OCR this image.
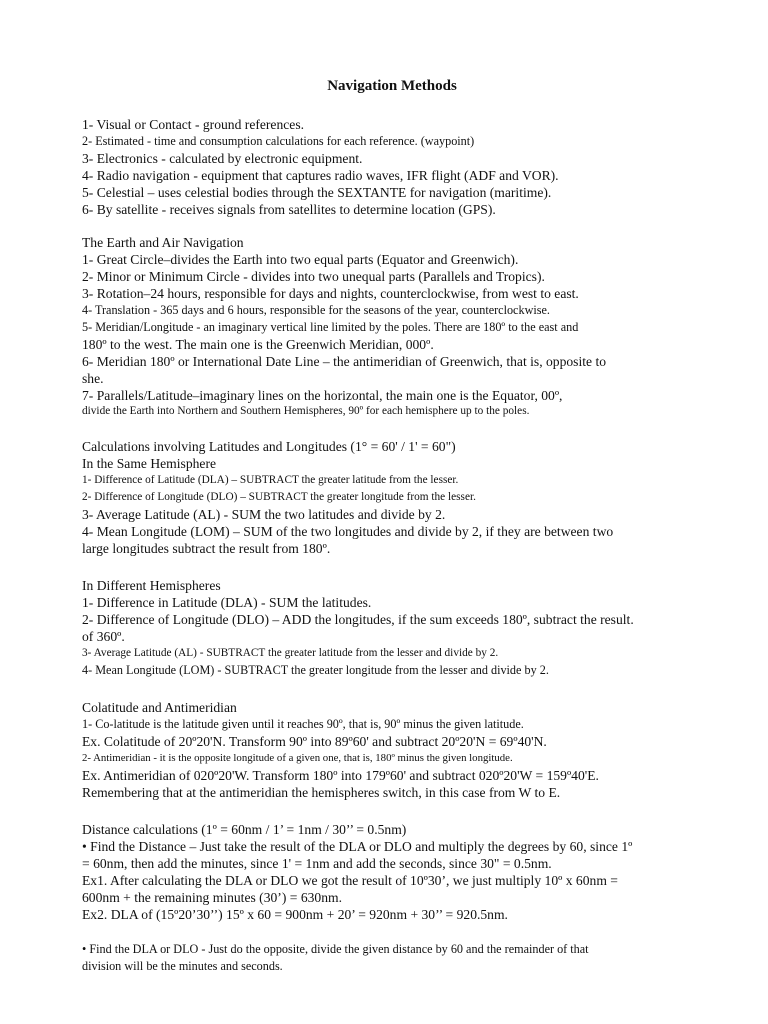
Navigation Methods
1- Visual or Contact - ground references.
2- Estimated - time and consumption calculations for each reference. (waypoint)
3- Electronics - calculated by electronic equipment.
4- Radio navigation - equipment that captures radio waves, IFR flight (ADF and VOR).
5- Celestial – uses celestial bodies through the SEXTANTE for navigation (maritime).
6- By satellite - receives signals from satellites to determine location (GPS).
The Earth and Air Navigation
1- Great Circle–divides the Earth into two equal parts (Equator and Greenwich).
2- Minor or Minimum Circle - divides into two unequal parts (Parallels and Tropics).
3- Rotation–24 hours, responsible for days and nights, counterclockwise, from west to east.
4- Translation - 365 days and 6 hours, responsible for the seasons of the year, counterclockwise.
5- Meridian/Longitude - an imaginary vertical line limited by the poles. There are 180º to the east and
180º to the west. The main one is the Greenwich Meridian, 000º.
6- Meridian 180º or International Date Line – the antimeridian of Greenwich, that is, opposite to
she.
7- Parallels/Latitude–imaginary lines on the horizontal, the main one is the Equator, 00º,
divide the Earth into Northern and Southern Hemispheres, 90º for each hemisphere up to the poles.
Calculations involving Latitudes and Longitudes (1° = 60' / 1' = 60")
In the Same Hemisphere
1- Difference of Latitude (DLA) – SUBTRACT the greater latitude from the lesser.
2- Difference of Longitude (DLO) – SUBTRACT the greater longitude from the lesser.
3- Average Latitude (AL) - SUM the two latitudes and divide by 2.
4- Mean Longitude (LOM) – SUM of the two longitudes and divide by 2, if they are between two
large longitudes subtract the result from 180º.
In Different Hemispheres
1- Difference in Latitude (DLA) - SUM the latitudes.
2- Difference of Longitude (DLO) – ADD the longitudes, if the sum exceeds 180º, subtract the result.
of 360º.
3- Average Latitude (AL) - SUBTRACT the greater latitude from the lesser and divide by 2.
4- Mean Longitude (LOM) - SUBTRACT the greater longitude from the lesser and divide by 2.
Colatitude and Antimeridian
1- Co-latitude is the latitude given until it reaches 90º, that is, 90º minus the given latitude.
Ex. Colatitude of 20º20'N. Transform 90º into 89º60' and subtract 20º20'N = 69º40'N.
2- Antimeridian - it is the opposite longitude of a given one, that is, 180º minus the given longitude.
Ex. Antimeridian of 020º20'W. Transform 180º into 179º60' and subtract 020º20'W = 159º40'E.
Remembering that at the antimeridian the hemispheres switch, in this case from W to E.
Distance calculations (1º = 60nm / 1’ = 1nm / 30’’ = 0.5nm)
• Find the Distance – Just take the result of the DLA or DLO and multiply the degrees by 60, since 1º
= 60nm, then add the minutes, since 1' = 1nm and add the seconds, since 30" = 0.5nm.
Ex1. After calculating the DLA or DLO we got the result of 10º30’, we just multiply 10º x 60nm =
600nm + the remaining minutes (30’) = 630nm.
Ex2. DLA of (15º20’30’’) 15º x 60 = 900nm + 20’ = 920nm + 30’’ = 920.5nm.
• Find the DLA or DLO - Just do the opposite, divide the given distance by 60 and the remainder of that
division will be the minutes and seconds.
